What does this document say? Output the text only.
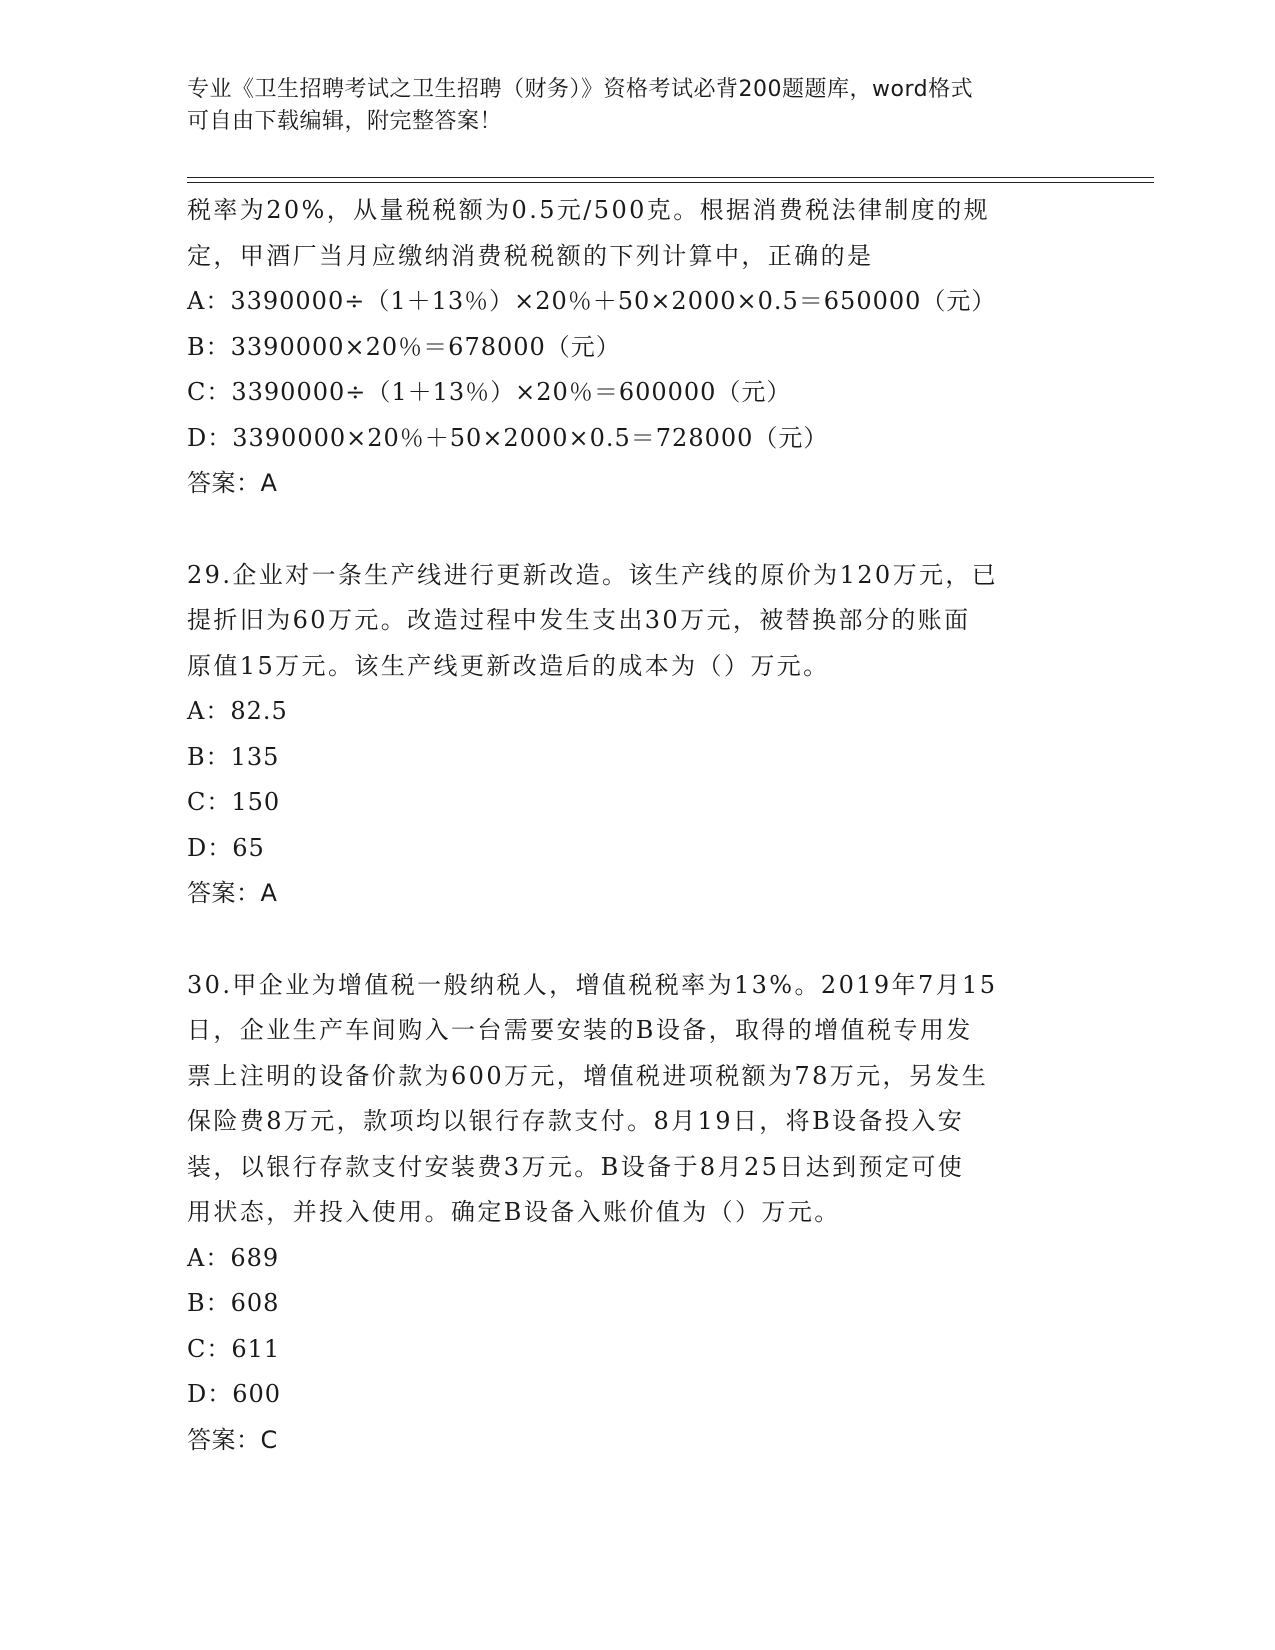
专业《卫生招聘考试之卫生招聘（财务）》资格考试必背200题题库，word格式
可自由下载编辑，附完整答案！
税率为20%，从量税税额为0.5元/500克。根据消费税法律制度的规
定，甲酒厂当月应缴纳消费税税额的下列计算中，正确的是
A：3390000÷（1＋13％）×20％＋50×2000×0.5＝650000（元）
B：3390000×20％＝678000（元）
C：3390000÷（1＋13％）×20％＝600000（元）
D：3390000×20％＋50×2000×0.5＝728000（元）
答案：A
29.企业对一条生产线进行更新改造。该生产线的原价为120万元，已
提折旧为60万元。改造过程中发生支出30万元，被替换部分的账面
原值15万元。该生产线更新改造后的成本为（）万元。
A：82.5
B：135
C：150
D：65
答案：A
30.甲企业为增值税一般纳税人，增值税税率为13%。2019年7月15
日，企业生产车间购入一台需要安装的B设备，取得的增值税专用发
票上注明的设备价款为600万元，增值税进项税额为78万元，另发生
保险费8万元，款项均以银行存款支付。8月19日，将B设备投入安
装，以银行存款支付安装费3万元。B设备于8月25日达到预定可使
用状态，并投入使用。确定B设备入账价值为（）万元。
A：689
B：608
C：611
D：600
答案：C
